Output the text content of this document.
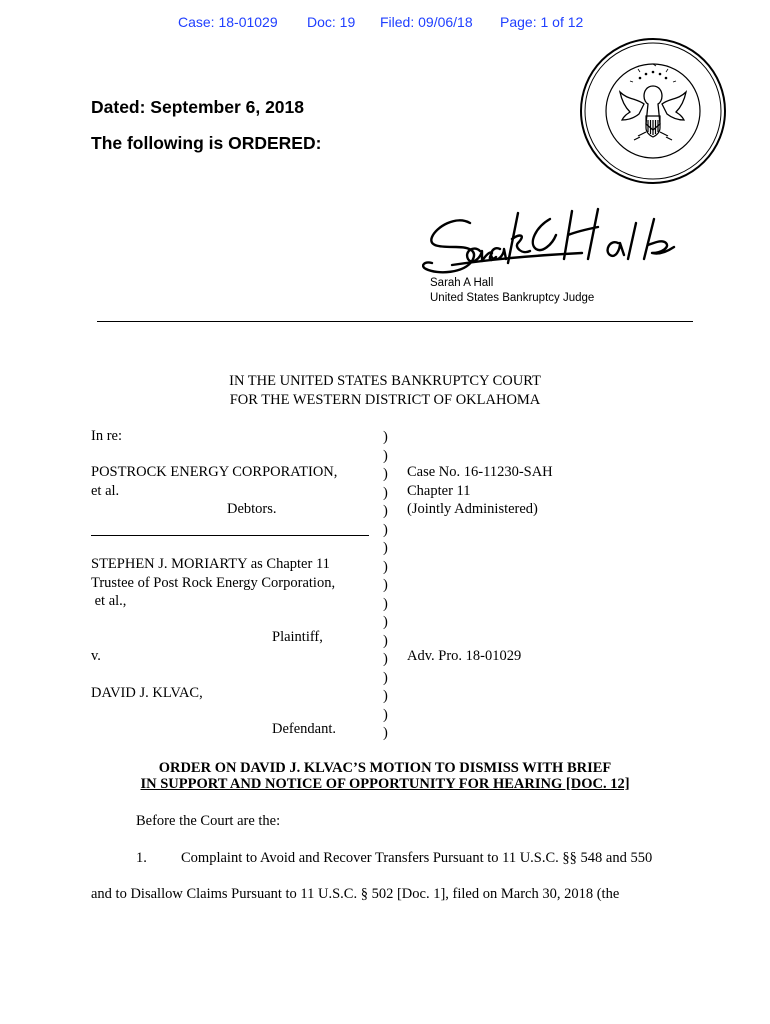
Case: 18-01029 Doc: 19 Filed: 09/06/18 Page: 1 of 12
Dated: September 6, 2018
The following is ORDERED:
Sarah A Hall
United States Bankruptcy Judge
IN THE UNITED STATES BANKRUPTCY COURT
FOR THE WESTERN DISTRICT OF OKLAHOMA
In re:
POSTROCK ENERGY CORPORATION,
et al.
Debtors.
STEPHEN J. MORIARTY as Chapter 11
Trustee of Post Rock Energy Corporation,
et al.,
Plaintiff,
v.
DAVID J. KLVAC,
Defendant.
)
)
)
)
)
)
)
)
)
)
)
)
)
)
)
)
)
Case No. 16-11230-SAH
Chapter 11
(Jointly Administered)
Adv. Pro. 18-01029
ORDER ON DAVID J. KLVAC’S MOTION TO DISMISS WITH BRIEF
IN SUPPORT AND NOTICE OF OPPORTUNITY FOR HEARING [DOC. 12]
Before the Court are the:
1. Complaint to Avoid and Recover Transfers Pursuant to 11 U.S.C. §§ 548 and 550
and to Disallow Claims Pursuant to 11 U.S.C. § 502 [Doc. 1], filed on March 30, 2018 (the
